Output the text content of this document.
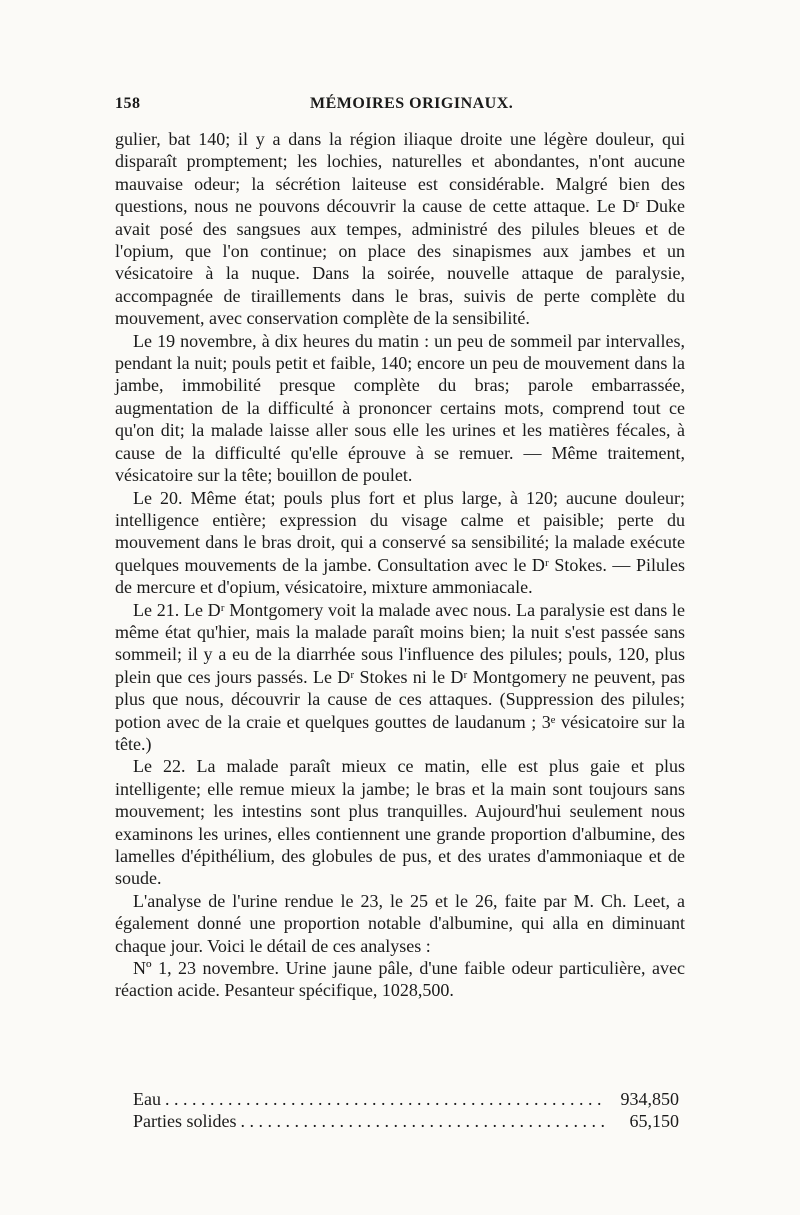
158	MÉMOIRES ORIGINAUX.

gulier, bat 140; il y a dans la région iliaque droite une légère douleur, qui disparaît promptement; les lochies, naturelles et abondantes, n'ont aucune mauvaise odeur; la sécrétion laiteuse est considérable. Malgré bien des questions, nous ne pouvons découvrir la cause de cette attaque. Le Dʳ Duke avait posé des sangsues aux tempes, administré des pilules bleues et de l'opium, que l'on continue; on place des sinapismes aux jambes et un vésicatoire à la nuque. Dans la soirée, nouvelle attaque de paralysie, accompagnée de tiraillements dans le bras, suivis de perte complète du mouvement, avec conservation complète de la sensibilité.

Le 19 novembre, à dix heures du matin : un peu de sommeil par intervalles, pendant la nuit; pouls petit et faible, 140; encore un peu de mouvement dans la jambe, immobilité presque complète du bras; parole embarrassée, augmentation de la difficulté à prononcer certains mots, comprend tout ce qu'on dit; la malade laisse aller sous elle les urines et les matières fécales, à cause de la difficulté qu'elle éprouve à se remuer. — Même traitement, vésicatoire sur la tête; bouillon de poulet.

Le 20. Même état; pouls plus fort et plus large, à 120; aucune douleur; intelligence entière; expression du visage calme et paisible; perte du mouvement dans le bras droit, qui a conservé sa sensibilité; la malade exécute quelques mouvements de la jambe. Consultation avec le Dʳ Stokes. — Pilules de mercure et d'opium, vésicatoire, mixture ammoniacale.

Le 21. Le Dʳ Montgomery voit la malade avec nous. La paralysie est dans le même état qu'hier, mais la malade paraît moins bien; la nuit s'est passée sans sommeil; il y a eu de la diarrhée sous l'influence des pilules; pouls, 120, plus plein que ces jours passés. Le Dʳ Stokes ni le Dʳ Montgomery ne peuvent, pas plus que nous, découvrir la cause de ces attaques. (Suppression des pilules; potion avec de la craie et quelques gouttes de laudanum ; 3ᵉ vésicatoire sur la tête.)

Le 22. La malade paraît mieux ce matin, elle est plus gaie et plus intelligente; elle remue mieux la jambe; le bras et la main sont toujours sans mouvement; les intestins sont plus tranquilles. Aujourd'hui seulement nous examinons les urines, elles contiennent une grande proportion d'albumine, des lamelles d'épithélium, des globules de pus, et des urates d'ammoniaque et de soude.

L'analyse de l'urine rendue le 23, le 25 et le 26, faite par M. Ch. Leet, a également donné une proportion notable d'albumine, qui alla en diminuant chaque jour. Voici le détail de ces analyses :

Nº 1, 23 novembre. Urine jaune pâle, d'une faible odeur particulière, avec réaction acide. Pesanteur spécifique, 1028,500.

Eau . . .	934,850
Parties solides . . .	65,150
